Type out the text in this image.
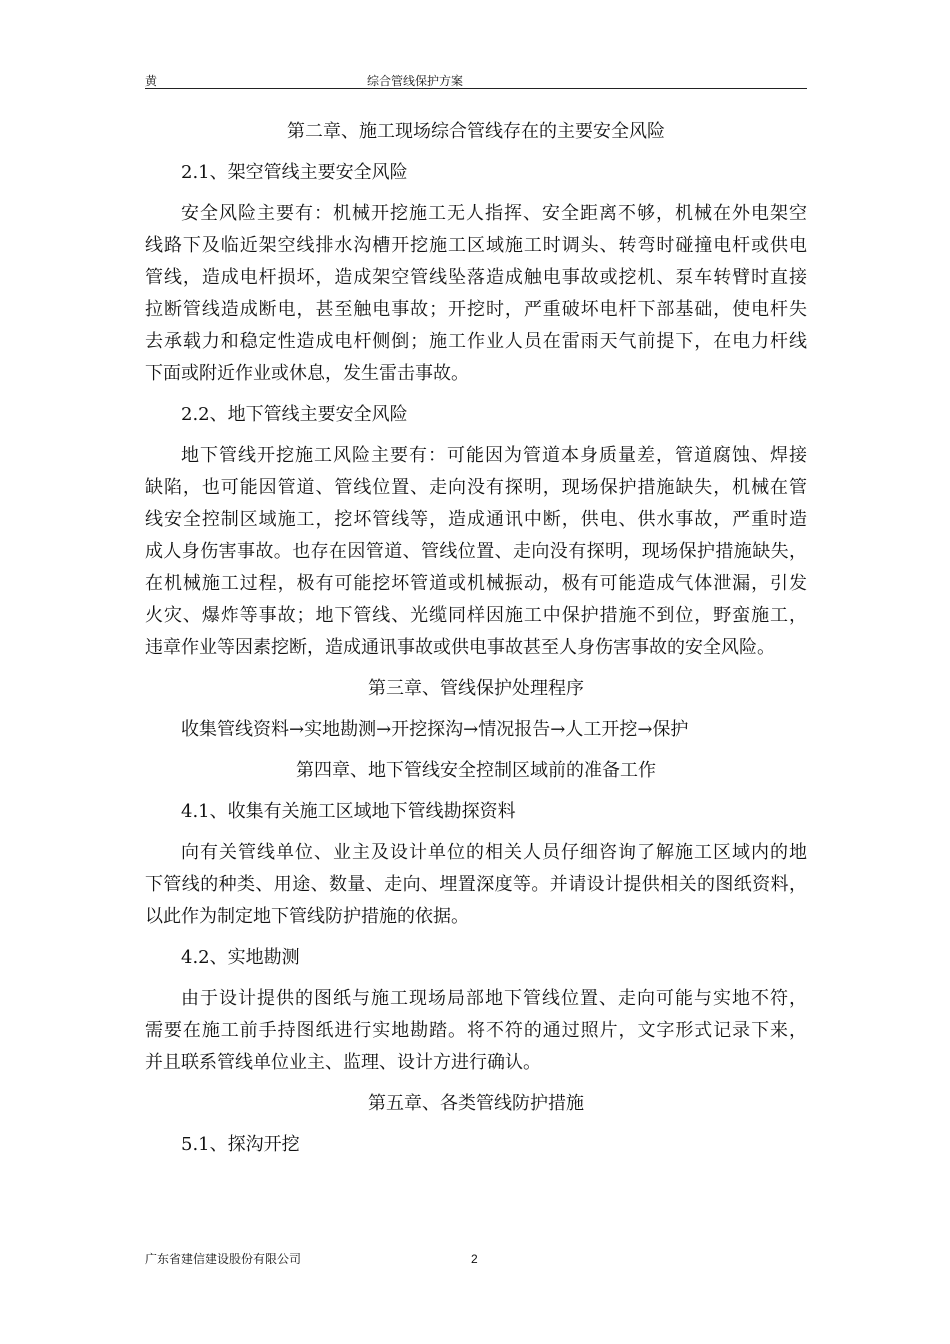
黄	综合管线保护方案
第二章、施工现场综合管线存在的主要安全风险
2.1、架空管线主要安全风险
安全风险主要有：机械开挖施工无人指挥、安全距离不够，机械在外电架空
线路下及临近架空线排水沟槽开挖施工区域施工时调头、转弯时碰撞电杆或供电
管线，造成电杆损坏，造成架空管线坠落造成触电事故或挖机、泵车转臂时直接
拉断管线造成断电，甚至触电事故；开挖时，严重破坏电杆下部基础，使电杆失
去承载力和稳定性造成电杆侧倒；施工作业人员在雷雨天气前提下，在电力杆线
下面或附近作业或休息，发生雷击事故。
2.2、地下管线主要安全风险
地下管线开挖施工风险主要有：可能因为管道本身质量差，管道腐蚀、焊接
缺陷，也可能因管道、管线位置、走向没有探明，现场保护措施缺失，机械在管
线安全控制区域施工，挖坏管线等，造成通讯中断，供电、供水事故，严重时造
成人身伤害事故。也存在因管道、管线位置、走向没有探明，现场保护措施缺失，
在机械施工过程，极有可能挖坏管道或机械振动，极有可能造成气体泄漏，引发
火灾、爆炸等事故；地下管线、光缆同样因施工中保护措施不到位，野蛮施工，
违章作业等因素挖断，造成通讯事故或供电事故甚至人身伤害事故的安全风险。
第三章、管线保护处理程序
收集管线资料→实地勘测→开挖探沟→情况报告→人工开挖→保护
第四章、地下管线安全控制区域前的准备工作
4.1、收集有关施工区域地下管线勘探资料
向有关管线单位、业主及设计单位的相关人员仔细咨询了解施工区域内的地
下管线的种类、用途、数量、走向、埋置深度等。并请设计提供相关的图纸资料，
以此作为制定地下管线防护措施的依据。
4.2、实地勘测
由于设计提供的图纸与施工现场局部地下管线位置、走向可能与实地不符，
需要在施工前手持图纸进行实地勘踏。将不符的通过照片，文字形式记录下来，
并且联系管线单位业主、监理、设计方进行确认。
第五章、各类管线防护措施
5.1、探沟开挖
广东省建信建设股份有限公司	2
